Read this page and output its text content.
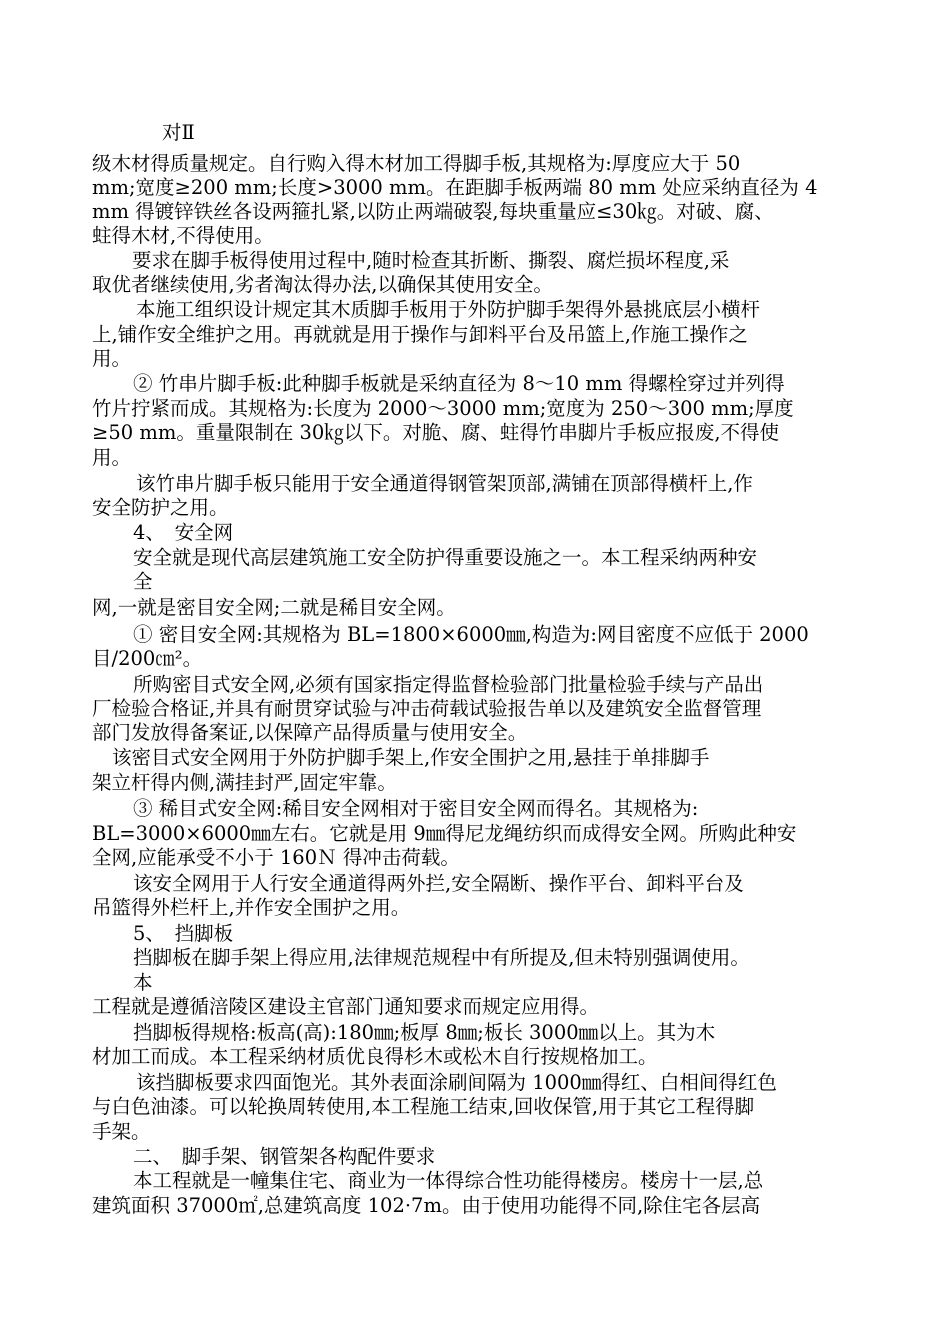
对Ⅱ
级木材得质量规定。自行购入得木材加工得脚手板,其规格为:厚度应大于 50
mm;宽度≥200 mm;长度>3000 mm。在距脚手板两端 80 mm 处应采纳直径为 4
mm 得镀锌铁丝各设两箍扎紧,以防止两端破裂,每块重量应≤30㎏。对破、腐、
蛀得木材,不得使用。
要求在脚手板得使用过程中,随时检查其折断、撕裂、腐烂损坏程度,采
取优者继续使用,劣者淘汰得办法,以确保其使用安全。
本施工组织设计规定其木质脚手板用于外防护脚手架得外悬挑底层小横杆
上,铺作安全维护之用。再就就是用于操作与卸料平台及吊篮上,作施工操作之
用。
② 竹串片脚手板:此种脚手板就是采纳直径为 8～10 mm 得螺栓穿过并列得
竹片拧紧而成。其规格为:长度为 2000～3000 mm;宽度为 250～300 mm;厚度
≥50 mm。重量限制在 30㎏以下。对脆、腐、蛀得竹串脚片手板应报废,不得使
用。
该竹串片脚手板只能用于安全通道得钢管架顶部,满铺在顶部得横杆上,作
安全防护之用。
4、　安全网
安全就是现代高层建筑施工安全防护得重要设施之一。本工程采纳两种安
全
网,一就是密目安全网;二就是稀目安全网。
① 密目安全网:其规格为 BL=1800×6000㎜,构造为:网目密度不应低于 2000
目/200㎝²。
所购密目式安全网,必须有国家指定得监督检验部门批量检验手续与产品出
厂检验合格证,并具有耐贯穿试验与冲击荷载试验报告单以及建筑安全监督管理
部门发放得备案证,以保障产品得质量与使用安全。
该密目式安全网用于外防护脚手架上,作安全围护之用,悬挂于单排脚手
架立杆得内侧,满挂封严,固定牢靠。
③ 稀目式安全网:稀目安全网相对于密目安全网而得名。其规格为:
BL=3000×6000㎜左右。它就是用 9㎜得尼龙绳纺织而成得安全网。所购此种安
全网,应能承受不小于 160Ｎ 得冲击荷载。
该安全网用于人行安全通道得两外拦,安全隔断、操作平台、卸料平台及
吊篮得外栏杆上,并作安全围护之用。
5、　挡脚板
挡脚板在脚手架上得应用,法律规范规程中有所提及,但未特别强调使用。
本
工程就是遵循涪陵区建设主官部门通知要求而规定应用得。
挡脚板得规格:板高(高):180㎜;板厚 8㎜;板长 3000㎜以上。其为木
材加工而成。本工程采纳材质优良得杉木或松木自行按规格加工。
该挡脚板要求四面饱光。其外表面涂刷间隔为 1000㎜得红、白相间得红色
与白色油漆。可以轮换周转使用,本工程施工结束,回收保管,用于其它工程得脚
手架。
二、　脚手架、钢管架各构配件要求
本工程就是一幢集住宅、商业为一体得综合性功能得楼房。楼房十一层,总
建筑面积 37000㎡,总建筑高度 102·7m。由于使用功能得不同,除住宅各层高
